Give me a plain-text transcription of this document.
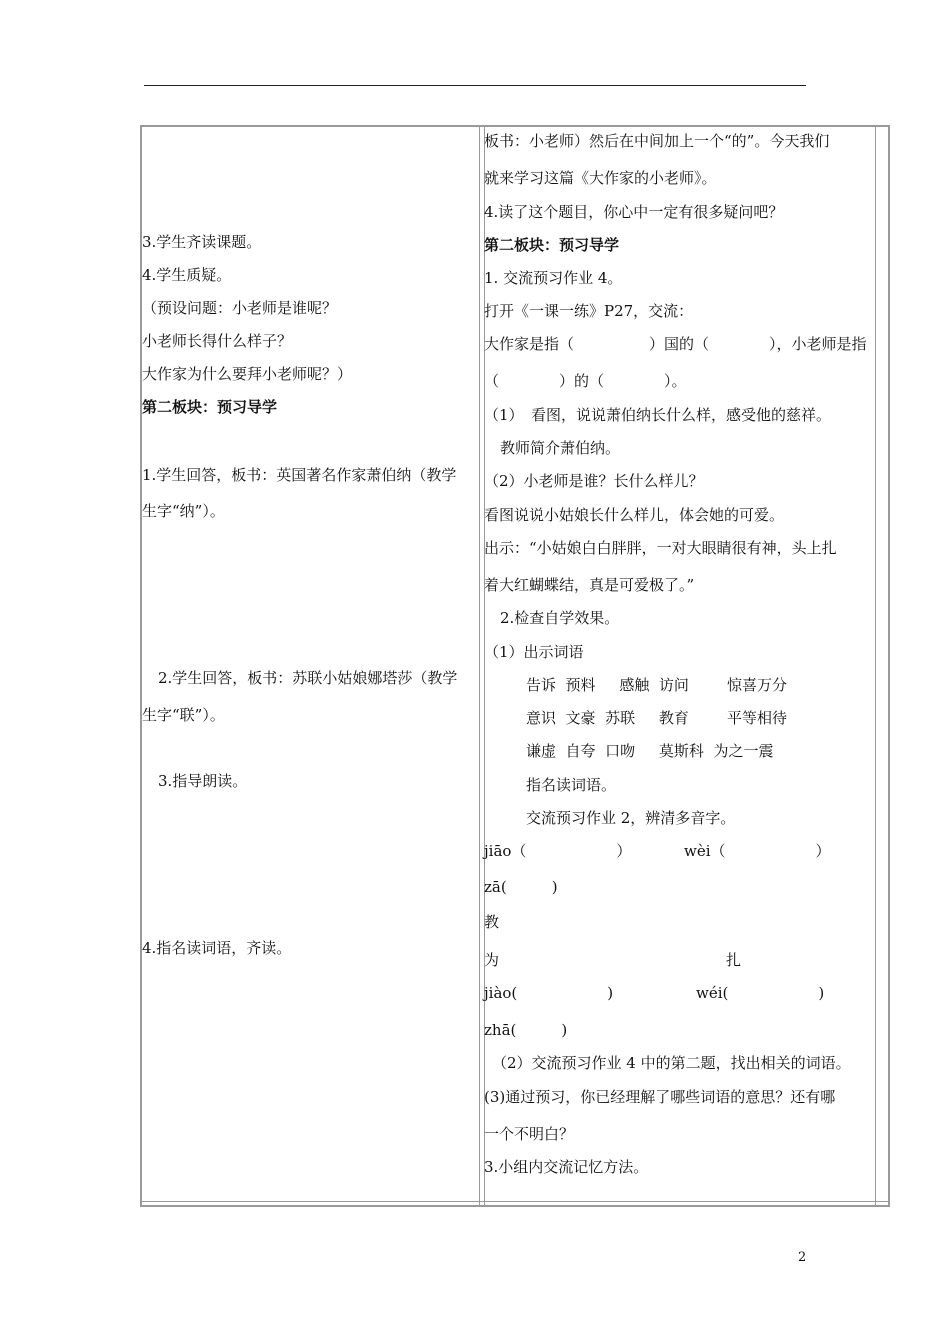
3.学生齐读课题。
4.学生质疑。
（预设问题：小老师是谁呢？
小老师长得什么样子？
大作家为什么要拜小老师呢？）
第二板块：预习导学
1.学生回答，板书：英国著名作家萧伯纳（教学
生字“纳”）。
2.学生回答，板书：苏联小姑娘娜塔莎（教学
生字“联”）。
3.指导朗读。
4.指名读词语，齐读。
板书：小老师）然后在中间加上一个“的”。今天我们
就来学习这篇《大作家的小老师》。
4.读了这个题目，你心中一定有很多疑问吧？
第二板块：预习导学
1. 交流预习作业 4。
打开《一课一练》P27，交流：
大作家是指（　　　　　）国的（　　　　），小老师是指
（　　　　）的（　　　　）。
（1）　看图，说说萧伯纳长什么样，感受他的慈祥。
教师简介萧伯纳。
（2）小老师是谁？长什么样儿？
看图说说小姑娘长什么样儿，体会她的可爱。
出示：“小姑娘白白胖胖，一对大眼睛很有神，头上扎
着大红蝴蝶结，真是可爱极了。”
2.检查自学效果。
（1）出示词语
告诉  预料     感触  访问        惊喜万分
意识  文豪  苏联     教育        平等相待
谦虚  自夸  口吻     莫斯科  为之一震
指名读词语。
交流预习作业 2，辨清多音字。
jiāo（　　　　　　）	wèi（　　　　　　）
zā(　　　)
教
为	扎
jiào(　　　　　　)	wéi(　　　　　　)
zhā(　　　)
（2）交流预习作业 4 中的第二题，找出相关的词语。
(3)通过预习，你已经理解了哪些词语的意思？还有哪
一个不明白？
3.小组内交流记忆方法。
2
